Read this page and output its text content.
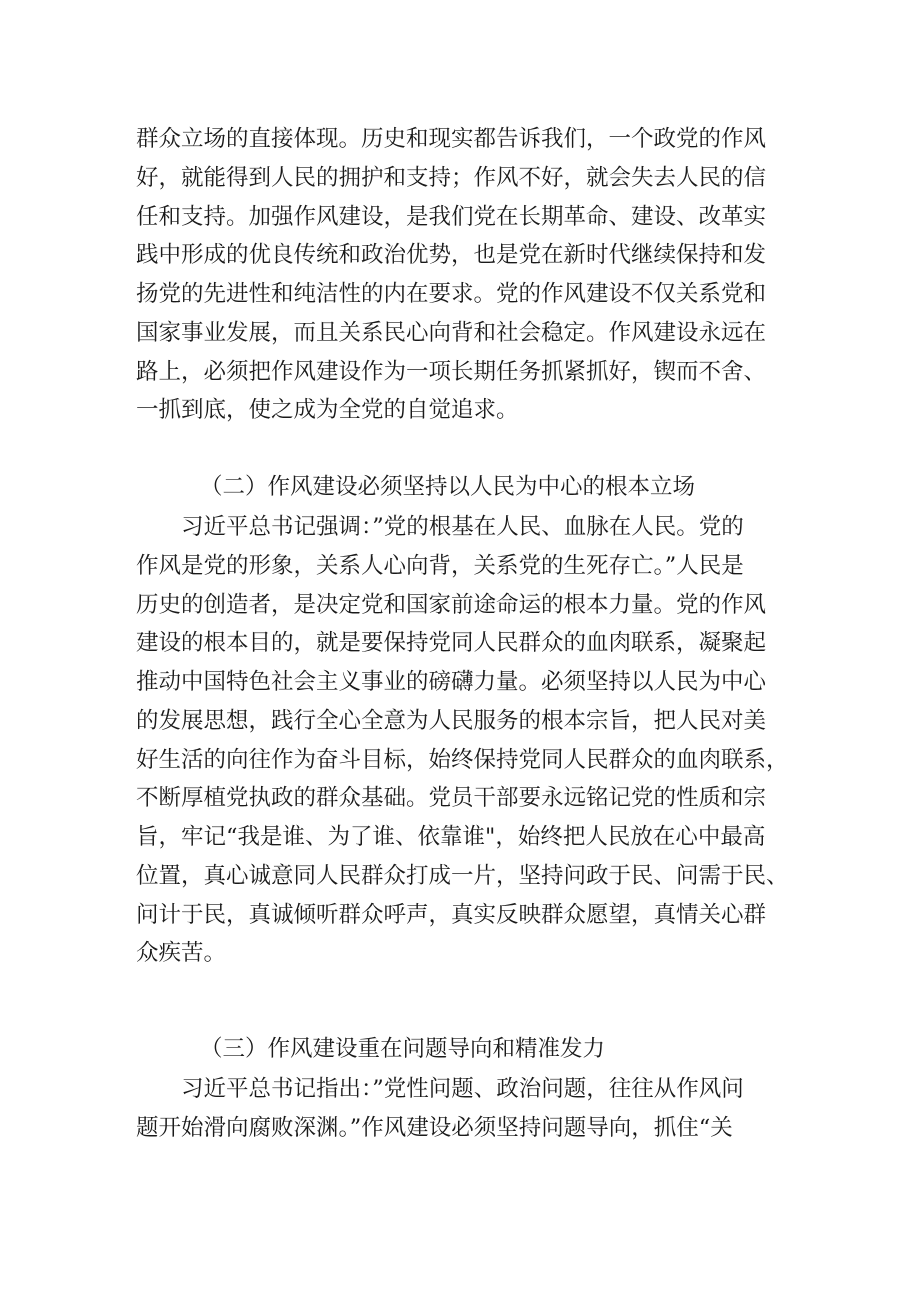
群众立场的直接体现。历史和现实都告诉我们，一个政党的作风
好，就能得到人民的拥护和支持；作风不好，就会失去人民的信
任和支持。加强作风建设，是我们党在长期革命、建设、改革实
践中形成的优良传统和政治优势，也是党在新时代继续保持和发
扬党的先进性和纯洁性的内在要求。党的作风建设不仅关系党和
国家事业发展，而且关系民心向背和社会稳定。作风建设永远在
路上，必须把作风建设作为一项长期任务抓紧抓好，锲而不舍、
一抓到底，使之成为全党的自觉追求。

（二）作风建设必须坚持以人民为中心的根本立场

习近平总书记强调：”党的根基在人民、血脉在人民。党的
作风是党的形象，关系人心向背，关系党的生死存亡。”人民是
历史的创造者，是决定党和国家前途命运的根本力量。党的作风
建设的根本目的，就是要保持党同人民群众的血肉联系，凝聚起
推动中国特色社会主义事业的磅礴力量。必须坚持以人民为中心
的发展思想，践行全心全意为人民服务的根本宗旨，把人民对美
好生活的向往作为奋斗目标，始终保持党同人民群众的血肉联系，
不断厚植党执政的群众基础。党员干部要永远铭记党的性质和宗
旨，牢记“我是谁、为了谁、依靠谁"，始终把人民放在心中最高
位置，真心诚意同人民群众打成一片，坚持问政于民、问需于民、
问计于民，真诚倾听群众呼声，真实反映群众愿望，真情关心群
众疾苦。

（三）作风建设重在问题导向和精准发力

习近平总书记指出：”党性问题、政治问题，往往从作风问
题开始滑向腐败深渊。”作风建设必须坚持问题导向，抓住“关
